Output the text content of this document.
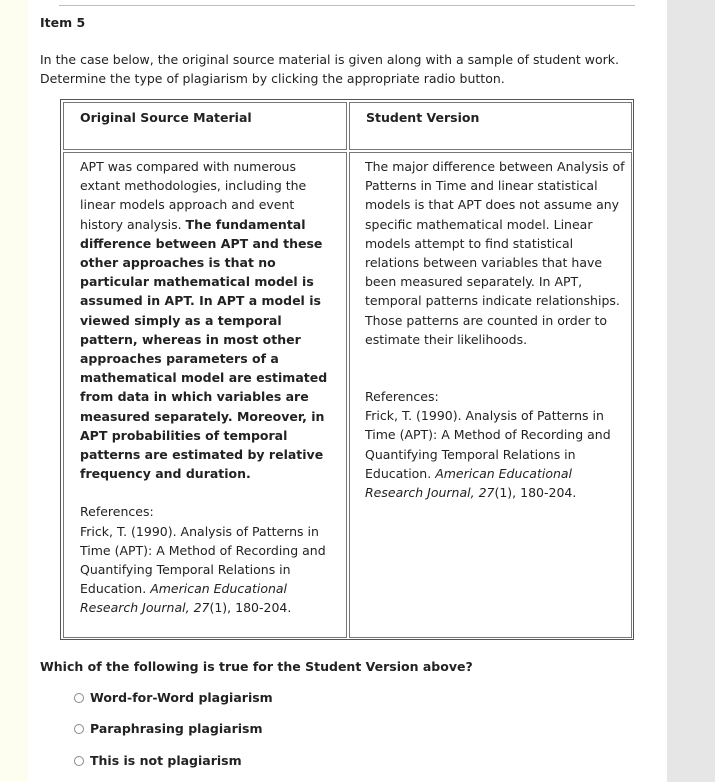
Item 5
In the case below, the original source material is given along with a sample of student work. Determine the type of plagiarism by clicking the appropriate radio button.
Original Source Material	Student Version

APT was compared with numerous extant methodologies, including the linear models approach and event history analysis. The fundamental difference between APT and these other approaches is that no particular mathematical model is assumed in APT. In APT a model is viewed simply as a temporal pattern, whereas in most other approaches parameters of a mathematical model are estimated from data in which variables are measured separately. Moreover, in APT probabilities of temporal patterns are estimated by relative frequency and duration.

References:

Frick, T. (1990). Analysis of Patterns in Time (APT): A Method of Recording and Quantifying Temporal Relations in Education. American Educational Research Journal, 27(1), 180-204.

The major difference between Analysis of Patterns in Time and linear statistical models is that APT does not assume any specific mathematical model. Linear models attempt to find statistical relations between variables that have been measured separately. In APT, temporal patterns indicate relationships. Those patterns are counted in order to estimate their likelihoods.

References:

Frick, T. (1990). Analysis of Patterns in Time (APT): A Method of Recording and Quantifying Temporal Relations in Education. American Educational Research Journal, 27(1), 180-204.

Which of the following is true for the Student Version above?
Word-for-Word plagiarism
Paraphrasing plagiarism
This is not plagiarism
